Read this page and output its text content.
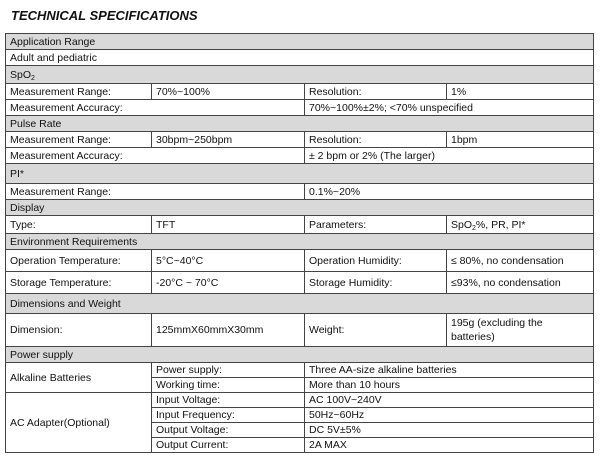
TECHNICAL SPECIFICATIONS
Application Range			
Adult and pediatric			
SpO$_2$
Measurement Range:	70%~100%	Resolution:	1%
Measurement Accuracy:		70%~100%±2%; <70% unspecified	
Pulse Rate			
Measurement Range:	30bpm~250bpm	Resolution:	1bpm
Measurement Accuracy:		± 2 bpm or 2% (The larger)	
PI*			
Measurement Range:		0.1%~20%	
Display			
Type:	TFT	Parameters:	SpO$_2$%, PR, PI*
Environment Requirements			
Operation Temperature:	5°C~40°C	Operation Humidity:	≤ 80%, no condensation
Storage Temperature:	-20°C ~ 70°C	Storage Humidity:	≤93%, no condensation
Dimensions and Weight			
Dimension:	125mmX60mmX30mm	Weight:	195g (excluding the batteries)
Power supply			
Alkaline Batteries	Power supply:	Three AA-size alkaline batteries	
	Working time:	More than 10 hours	
AC Adapter(Optional)	Input Voltage:	AC 100V~240V	
	Input Frequency:	50Hz~60Hz	
	Output Voltage:	DC 5V±5%	
	Output Current:	2A MAX	
